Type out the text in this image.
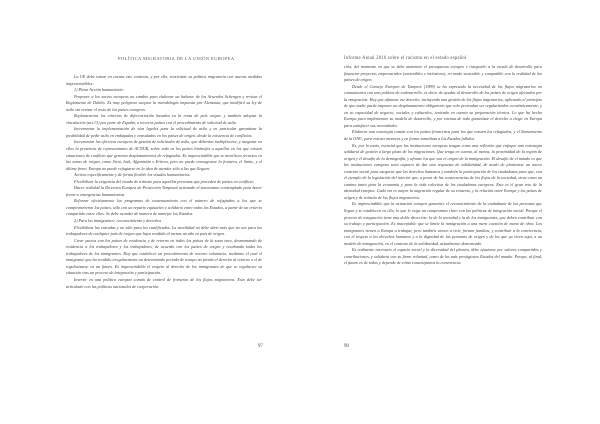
POLÍTICA MIGRATORIA DE LA UNIÓN EUROPEA

La UE debe tomar en cuenta este contexto, y por ello, reorientar su política migratoria con nuevas medidas imprescindibles:

1) Plena Acción humanitaria:

Proponer a los socios europeos un cambio para elaborar un balance de los Acuerdos Schengen y revisar el Reglamento de Dublín. Es muy peligroso aceptar la metodología impuesta por Alemania, que modificó su ley de asilo sin revisar el resto de los países europeos.

Replantearnos los criterios de diferenciación basados en la renta de país origen, y también adoptar la vinculación (art.13) por parte de España, a terceros países con el procedimiento de solicitud de asilo.

Incrementar la implementación de vías legales para la solicitud de asilo y en particular garantizar la posibilidad de pedir asilo en embajadas y consulados en los países de origen, desde la existencia de conflictos.

Incrementar los efectivos europeos de gestión de solicitudes de asilo, que deberían multiplicarse, y asegurar en ellos la presencia de representantes de ACNUR, sobre todo en los países limítrofes a aquellos en los que existen situaciones de conflicto que generan desplazamientos de refugiados. Es imprescindible que se movilicen recursos en las zonas de origen, como Siria, Irak, Afganistán o Eritrea, pero no puede consagrarse la frontera, el límite, y el último freno. Europa no puede refugiarse en la idea de atender sólo a las que lleguen.

Activar específicamente y de forma flexible los visados humanitarios.

Flexibilizar la exigencia del visado de tránsito para aquellas personas que proceden de países en conflicto.

Hacer realidad la Directiva Europea de Protección Temporal activando el mecanismo contemplado para hacer frente a emergencias humanitarias.

Reforzar efectivamente los programas de reasentamiento con el número de refugiados a los que se comprometieron los países, sólo con un reparto equitativo y solidario entre todos los Estados, a partir de un criterio compartido entre ellos. Se debe acordar de manera de manejar los Estados.

2) Para los inmigrantes: reconocimiento y derechos

Flexibilizar las entradas y no sólo para los cualificados. La movilidad no debe abrir más que no sea para los trabajadores de cualquier país de origen que haya residido al menos un año en país de origen.

Crear pactos con los países de residencia y de retorno en todos los países de la zona euro, desmontando de residencia a los trabajadores y los trabajadores, de acuerdo con los países de origen y recabando todas los trabajadores de los inmigrantes. Hay que establecer un procedimiento de retorno voluntario, mediante el cual el inmigrante que ha residido irregularmente un determinado periodo de tiempo no pierda el derecho al retorno o el de regularizarse en un futuro. Es imprescindible el respeto al derecho de los inmigrantes de que se regularice su situación tras un proceso de integración y participación.

Invertir en una política europea común de control de fronteras de los flujos migratorios. Esto debe ser articulado con las políticas nacionales de cooperación.

97
Informe Anual 2016 sobre el racismo en el estado español

ción, del momento en que se debe aumentar el presupuesto europeo e integrarlo a la escala de desarrollo para financiar proyectos empresariales (sostenibles e inclusivos), en modo sostenible y compatible con la realidad de los países de origen.

Desde el Consejo Europeo de Tampere (1999) se ha expresado la necesidad de los flujos migratorios no comunitarios con una política de codesarrollo, es decir, de ayudar al desarrollo de los países de origen afectados por la emigración. Hay que afianzar ese derecho, incluyendo una gestión de los flujos migratorios, aplicando el principio de que nadie puede imponer un desplazamiento obligatorio que solo pretendan ser regularizados económicamente, y en su capacidad de negocio, sociales y culturales, teniendo en cuenta su preparación técnica. Lo que ha hecho Europa para implementar su modelo de desarrollo, y por encima de todo garantizar el derecho a elegir en Europa para satisfacer sus necesidades.

Elaborar una estrategia común con los países fronterizos para los que existen los refugiados, y el llamamiento de la ONU, para extraer menores y en forma inmediata a los Estados fallidos.

Es, por lo tanto, esencial que las instituciones europeas tengan como una reflexión que enfoque una estrategia solidaria de gestión a largo plazo de los migraciones. Que tenga en cuenta, al menos, la proximidad de la región de origen y el desafío de la demografía, y afronte los que son el origen de la inmigración. El desafío de el mundo es que las instituciones europeas sean capaces de dar una respuesta de solidaridad, de modo de plantearse un nuevo contrato social para asegurar que los derechos humanos y también la participación de los ciudadanos para que, con el ejemplo de la legislación del interior que, a pesar de las consecuencias de los flujos de la sociedad, sirva como un camino tanto para la economía y para la vida colectiva de los ciudadanos europeos. Este es el gran reto de la identidad europea. Cada vez es mayor la migración regular de su contexto, y la relación entre Europa y los países de origen y de tránsito de los flujos migratorios.

Es imprescindible que la actuación europea garantice el reconocimiento de la ciudadanía de las personas que llegan y se establecen en ella, lo que le exige un compromiso claro con las políticas de integración social. Porque el proceso de integración tiene una doble dirección: la de la sociedad y la de los inmigrantes, que deben contribuir con su trabajo y participación. Es inaceptable que se limite la inmigración a una mera cuestión de mano de obra. Los inmigrantes vienen a Europa a trabajar, pero también vienen a vivir, formar familias, y contribuir a la convivencia, con el respeto a los derechos humanos y a la dignidad de las personas de origen y de los que ya viven aquí, a un modelo de inmigración, en el contexto de la solidaridad, actualmente demostrado.

Es realmente necesario el espacio social y la diversidad del planeta, debe ajustarse por valores compartidos y contribuciones, y solidaria con su firme voluntad, como de los más prestigiosos Estados del mundo. Porque, al final, el futuro es de todos y depende de cómo construyamos la convivencia.

98
